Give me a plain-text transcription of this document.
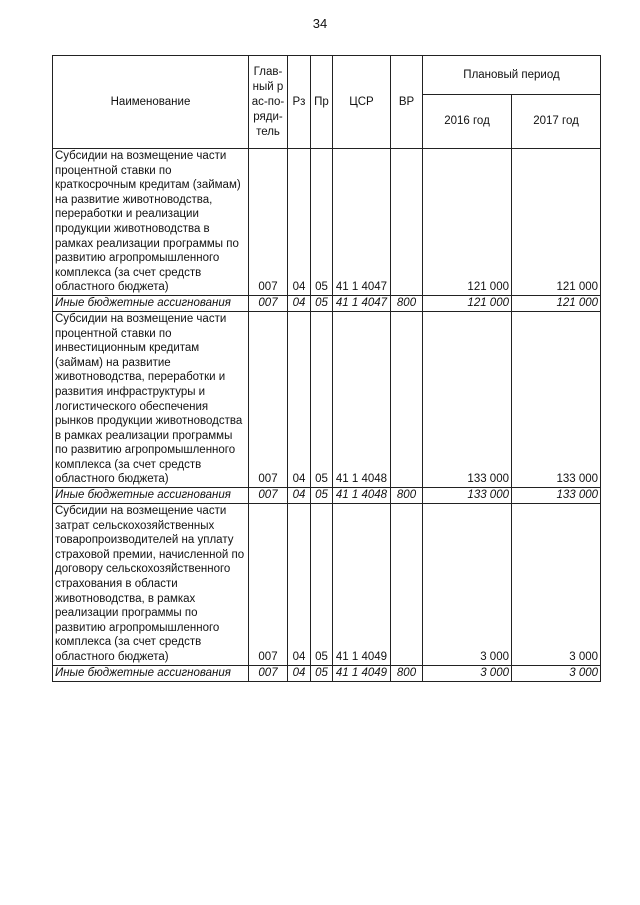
34
Наименование	Глав-ный рас-по-ряди-тель	Рз	Пр	ЦСР	ВР	Плановый период	
						2016 год	2017 год
Субсидии на возмещение части процентной ставки по краткосрочным кредитам (займам) на развитие животноводства, переработки и реализации продукции животноводства в рамках реализации программы по развитию агропромышленного комплекса (за счет средств областного бюджета)	007	04	05	41 1 4047		121 000	121 000
Иные бюджетные ассигнования	007	04	05	41 1 4047	800	121 000	121 000
Субсидии на возмещение части процентной ставки по инвестиционным кредитам (займам) на развитие животноводства, переработки и развития инфраструктуры и логистического обеспечения рынков продукции животноводства в рамках реализации программы по развитию агропромышленного комплекса (за счет средств областного бюджета)	007	04	05	41 1 4048		133 000	133 000
Иные бюджетные ассигнования	007	04	05	41 1 4048	800	133 000	133 000
Субсидии на возмещение части затрат сельскохозяйственных товаропроизводителей на уплату страховой премии, начисленной по договору сельскохозяйственного страхования в области животноводства, в рамках реализации программы по развитию агропромышленного комплекса (за счет средств областного бюджета)	007	04	05	41 1 4049		3 000	3 000
Иные бюджетные ассигнования	007	04	05	41 1 4049	800	3 000	3 000
